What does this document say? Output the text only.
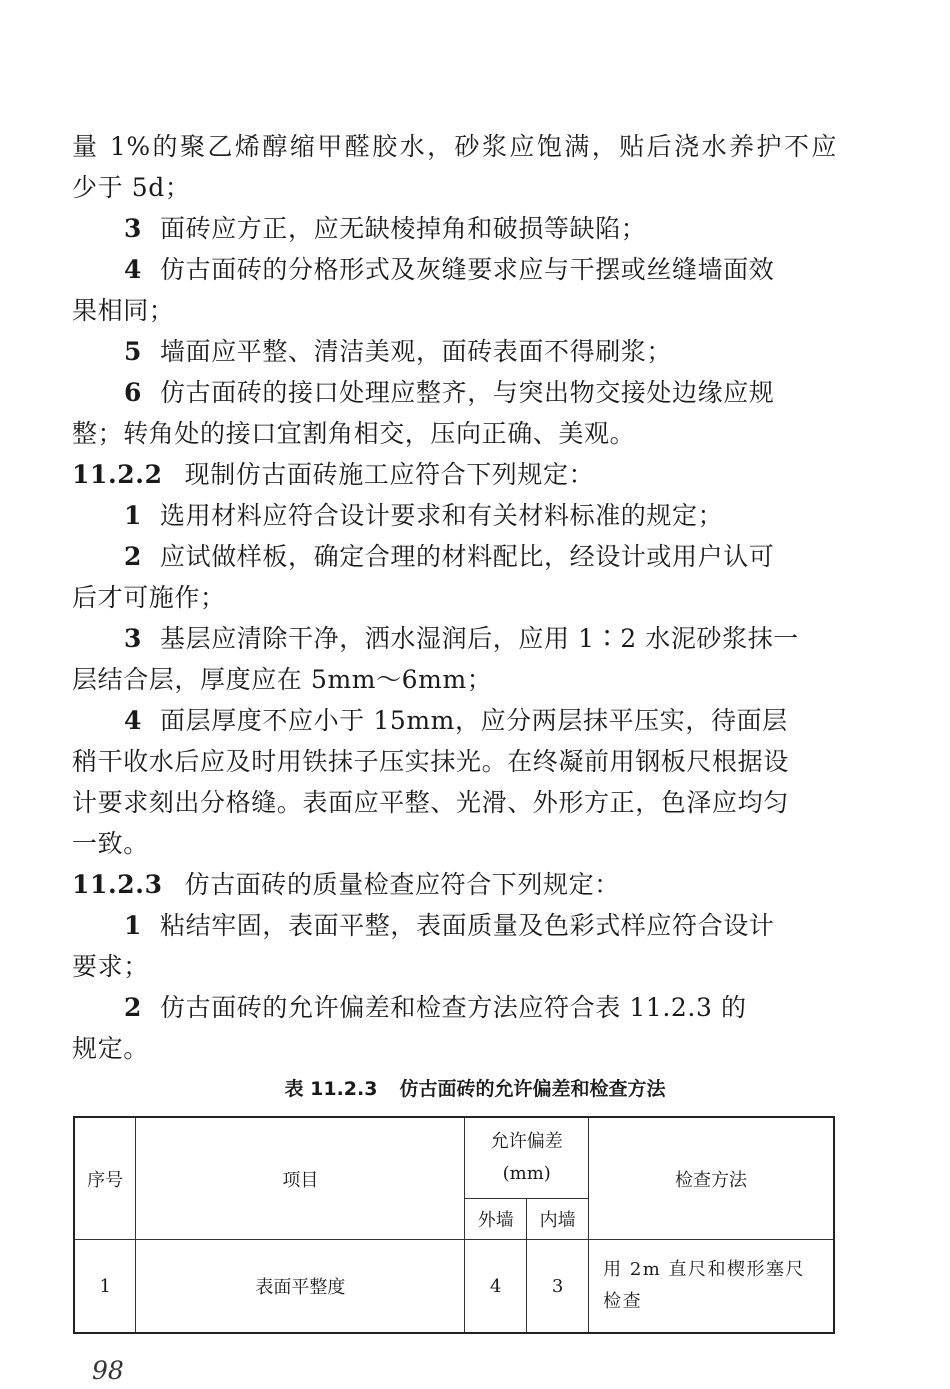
量 1%的聚乙烯醇缩甲醛胶水，砂浆应饱满，贴后浇水养护不应
少于 5d；
3 面砖应方正，应无缺棱掉角和破损等缺陷；
4 仿古面砖的分格形式及灰缝要求应与干摆或丝缝墙面效
果相同；
5 墙面应平整、清洁美观，面砖表面不得刷浆；
6 仿古面砖的接口处理应整齐，与突出物交接处边缘应规
整；转角处的接口宜割角相交，压向正确、美观。
11.2.2 现制仿古面砖施工应符合下列规定：
1 选用材料应符合设计要求和有关材料标准的规定；
2 应试做样板，确定合理的材料配比，经设计或用户认可
后才可施作；
3 基层应清除干净，洒水湿润后，应用 1∶2 水泥砂浆抹一
层结合层，厚度应在 5mm～6mm；
4 面层厚度不应小于 15mm，应分两层抹平压实，待面层
稍干收水后应及时用铁抹子压实抹光。在终凝前用钢板尺根据设
计要求刻出分格缝。表面应平整、光滑、外形方正，色泽应均匀
一致。
11.2.3 仿古面砖的质量检查应符合下列规定：
1 粘结牢固，表面平整，表面质量及色彩式样应符合设计
要求；
2 仿古面砖的允许偏差和检查方法应符合表 11.2.3 的
规定。
表 11.2.3 仿古面砖的允许偏差和检查方法
序号	项目	允许偏差
(mm)		检查方法
		外墙	内墙	
1	表面平整度	4	3	用 2m 直尺和楔形塞尺检查
98
